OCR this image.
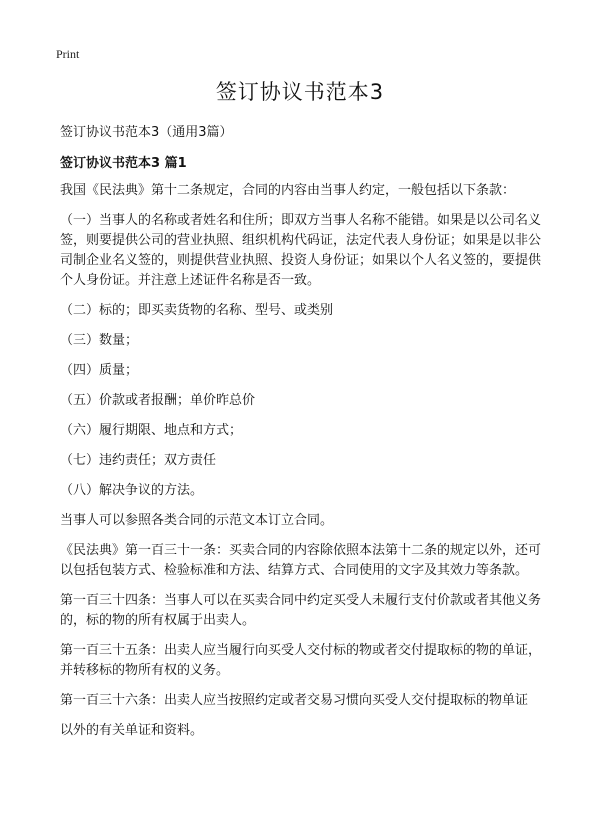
Print
签订协议书范本3

签订协议书范本3（通用3篇）

签订协议书范本3 篇1

我国《民法典》第十二条规定，合同的内容由当事人约定，一般包括以下条款：

（一）当事人的名称或者姓名和住所；即双方当事人名称不能错。如果是以公司名义签，则要提供公司的营业执照、组织机构代码证，法定代表人身份证；如果是以非公司制企业名义签的，则提供营业执照、投资人身份证；如果以个人名义签的，要提供个人身份证。并注意上述证件名称是否一致。

（二）标的；即买卖货物的名称、型号、或类别

（三）数量；

（四）质量；

（五）价款或者报酬；单价昨总价

（六）履行期限、地点和方式；

（七）违约责任；双方责任

（八）解决争议的方法。

当事人可以参照各类合同的示范文本订立合同。

《民法典》第一百三十一条：买卖合同的内容除依照本法第十二条的规定以外，还可以包括包装方式、检验标准和方法、结算方式、合同使用的文字及其效力等条款。

第一百三十四条：当事人可以在买卖合同中约定买受人未履行支付价款或者其他义务的，标的物的所有权属于出卖人。

第一百三十五条：出卖人应当履行向买受人交付标的物或者交付提取标的物的单证，并转移标的物所有权的义务。

第一百三十六条：出卖人应当按照约定或者交易习惯向买受人交付提取标的物单证

以外的有关单证和资料。
